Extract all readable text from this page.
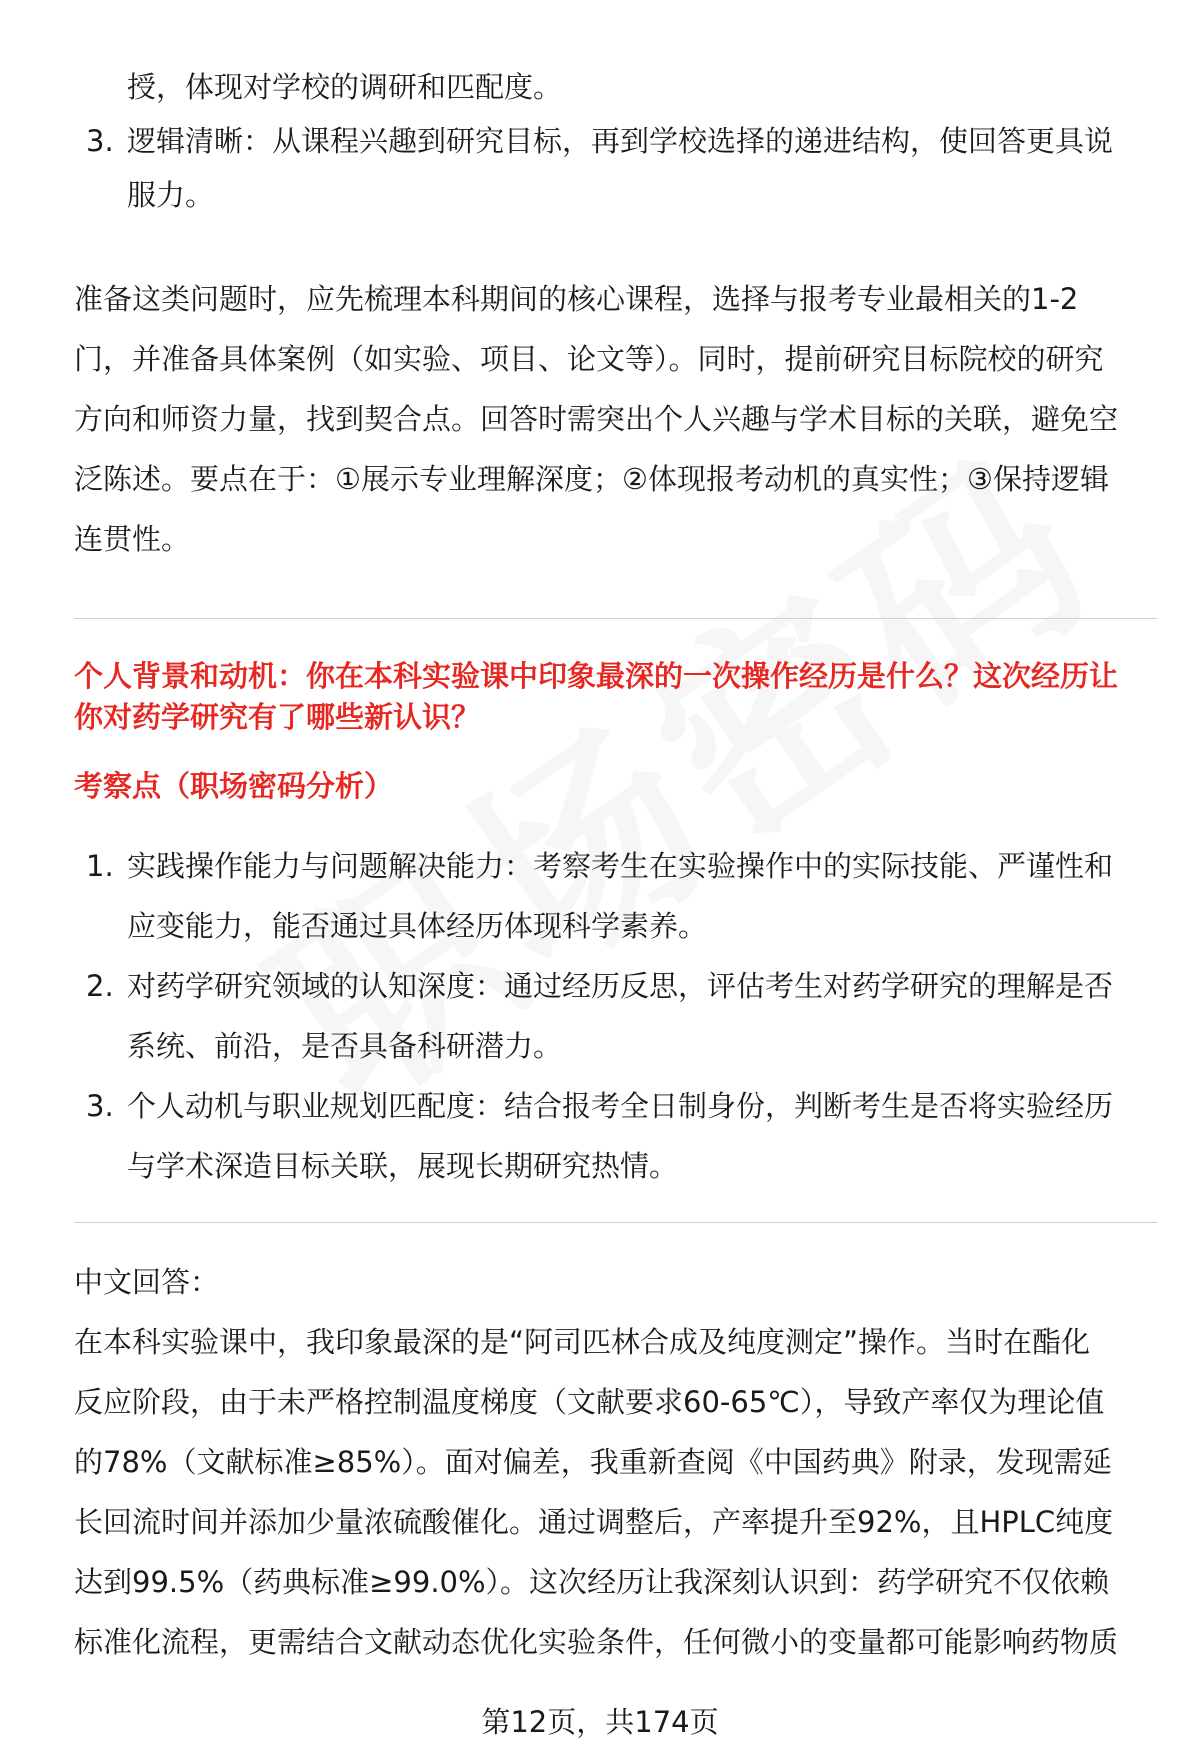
授，体现对学校的调研和匹配度。
3. 逻辑清晰：从课程兴趣到研究目标，再到学校选择的递进结构，使回答更具说
服力。
准备这类问题时，应先梳理本科期间的核心课程，选择与报考专业最相关的1-2
门，并准备具体案例（如实验、项目、论文等）。同时，提前研究目标院校的研究
方向和师资力量，找到契合点。回答时需突出个人兴趣与学术目标的关联，避免空
泛陈述。要点在于：①展示专业理解深度；②体现报考动机的真实性；③保持逻辑
连贯性。
个人背景和动机：你在本科实验课中印象最深的一次操作经历是什么？这次经历让
你对药学研究有了哪些新认识？
考察点（职场密码分析）
1. 实践操作能力与问题解决能力：考察考生在实验操作中的实际技能、严谨性和
应变能力，能否通过具体经历体现科学素养。
2. 对药学研究领域的认知深度：通过经历反思，评估考生对药学研究的理解是否
系统、前沿，是否具备科研潜力。
3. 个人动机与职业规划匹配度：结合报考全日制身份，判断考生是否将实验经历
与学术深造目标关联，展现长期研究热情。
中文回答：
在本科实验课中，我印象最深的是“阿司匹林合成及纯度测定”操作。当时在酯化
反应阶段，由于未严格控制温度梯度（文献要求60-65℃），导致产率仅为理论值
的78%（文献标准≥85%）。面对偏差，我重新查阅《中国药典》附录，发现需延
长回流时间并添加少量浓硫酸催化。通过调整后，产率提升至92%，且HPLC纯度
达到99.5%（药典标准≥99.0%）。这次经历让我深刻认识到：药学研究不仅依赖
标准化流程，更需结合文献动态优化实验条件，任何微小的变量都可能影响药物质
第12页，共174页
